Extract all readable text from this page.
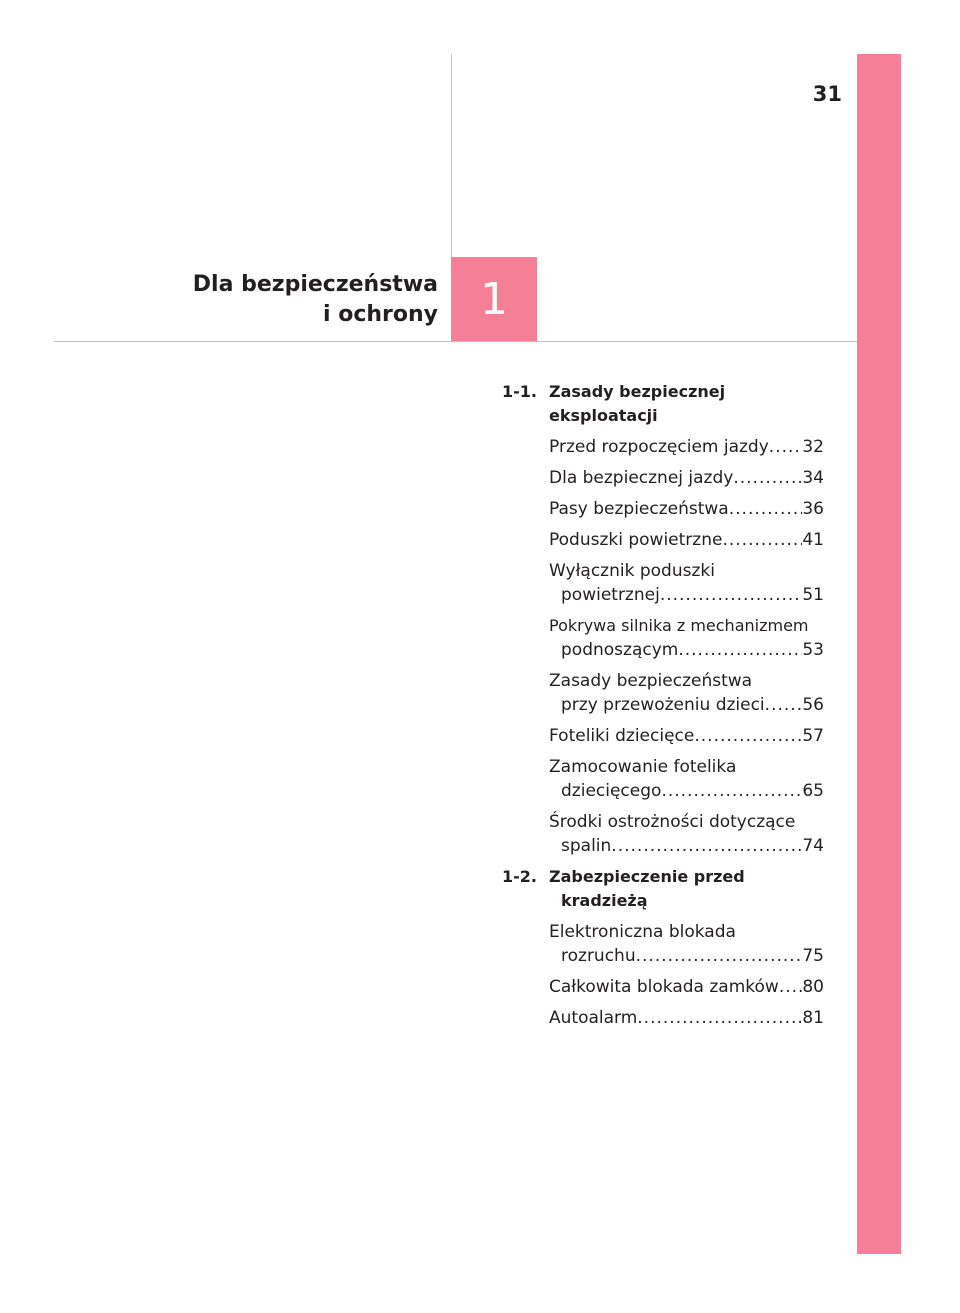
31
1
Dla bezpieczeństwa
i ochrony
1-1. Zasady bezpiecznej eksploatacji
Przed rozpoczęciem jazdy ..... 32
Dla bezpiecznej jazdy .....	34
Pasy bezpieczeństwa .....	36
Poduszki powietrzne .....	41
Wyłącznik poduszki
powietrznej .....	51
Pokrywa silnika z mechanizmem
podnoszącym .....	53
Zasady bezpieczeństwa
przy przewożeniu dzieci ..... 56
Foteliki dziecięce .....	57
Zamocowanie fotelika
dziecięcego .....	65
Środki ostrożności dotyczące
spalin .....	74
1-2. Zabezpieczenie przed
kradzieżą
Elektroniczna blokada
rozruchu .....	75
Całkowita blokada zamków ..... 80
Autoalarm .....	81
